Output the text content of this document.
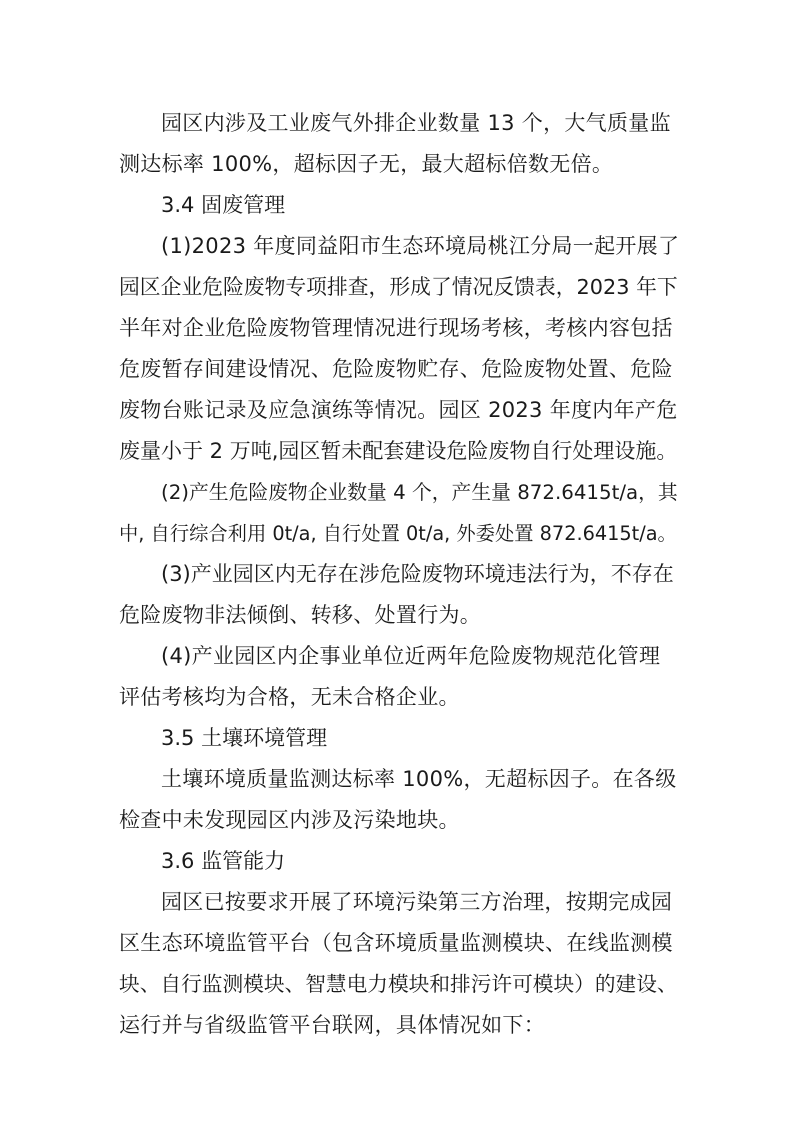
园区内涉及工业废气外排企业数量 13 个，大气质量监
测达标率 100%，超标因子无，最大超标倍数无倍。
3.4 固废管理
(1)2023 年度同益阳市生态环境局桃江分局一起开展了
园区企业危险废物专项排查，形成了情况反馈表，2023 年下
半年对企业危险废物管理情况进行现场考核，考核内容包括
危废暂存间建设情况、危险废物贮存、危险废物处置、危险
废物台账记录及应急演练等情况。园区 2023 年度内年产危
废量小于 2 万吨,园区暂未配套建设危险废物自行处理设施。
(2)产生危险废物企业数量 4 个，产生量 872.6415t/a，其
中, 自行综合利用 0t/a, 自行处置 0t/a, 外委处置 872.6415t/a。
(3)产业园区内无存在涉危险废物环境违法行为，不存在
危险废物非法倾倒、转移、处置行为。
(4)产业园区内企事业单位近两年危险废物规范化管理
评估考核均为合格，无未合格企业。
3.5 土壤环境管理
土壤环境质量监测达标率 100%，无超标因子。在各级
检查中未发现园区内涉及污染地块。
3.6 监管能力
园区已按要求开展了环境污染第三方治理，按期完成园
区生态环境监管平台（包含环境质量监测模块、在线监测模
块、自行监测模块、智慧电力模块和排污许可模块）的建设、
运行并与省级监管平台联网，具体情况如下：
